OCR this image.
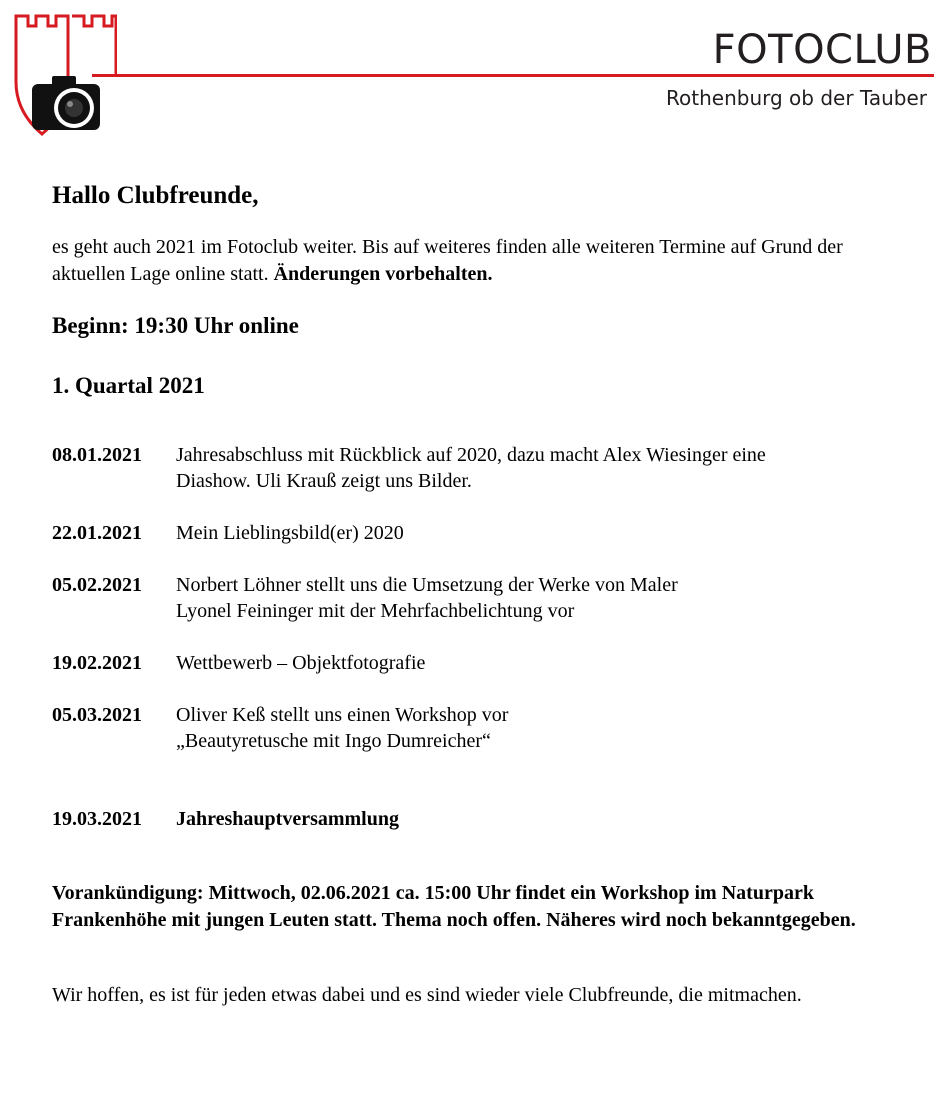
FOTOCLUB

Rothenburg ob der Tauber

Hallo Clubfreunde,

es geht auch 2021 im Fotoclub weiter. Bis auf weiteres finden alle weiteren Termine auf Grund der aktuellen Lage online statt. Änderungen vorbehalten.

Beginn: 19:30 Uhr online
1. Quartal 2021
08.01.2021	Jahresabschluss mit Rückblick auf 2020, dazu macht Alex Wiesinger eine
Diashow. Uli Krauß zeigt uns Bilder.
22.01.2021	Mein Lieblingsbild(er) 2020
05.02.2021	Norbert Löhner stellt uns die Umsetzung der Werke von Maler
Lyonel Feininger mit der Mehrfachbelichtung vor
19.02.2021	Wettbewerb – Objektfotografie
05.03.2021	Oliver Keß stellt uns einen Workshop vor
„Beautyretusche mit Ingo Dumreicher“
19.03.2021	Jahreshauptversammlung

Vorankündigung: Mittwoch, 02.06.2021 ca. 15:00 Uhr findet ein Workshop im Naturpark Frankenhöhe mit jungen Leuten statt. Thema noch offen. Näheres wird noch bekanntgegeben.

Wir hoffen, es ist für jeden etwas dabei und es sind wieder viele Clubfreunde, die mitmachen.
